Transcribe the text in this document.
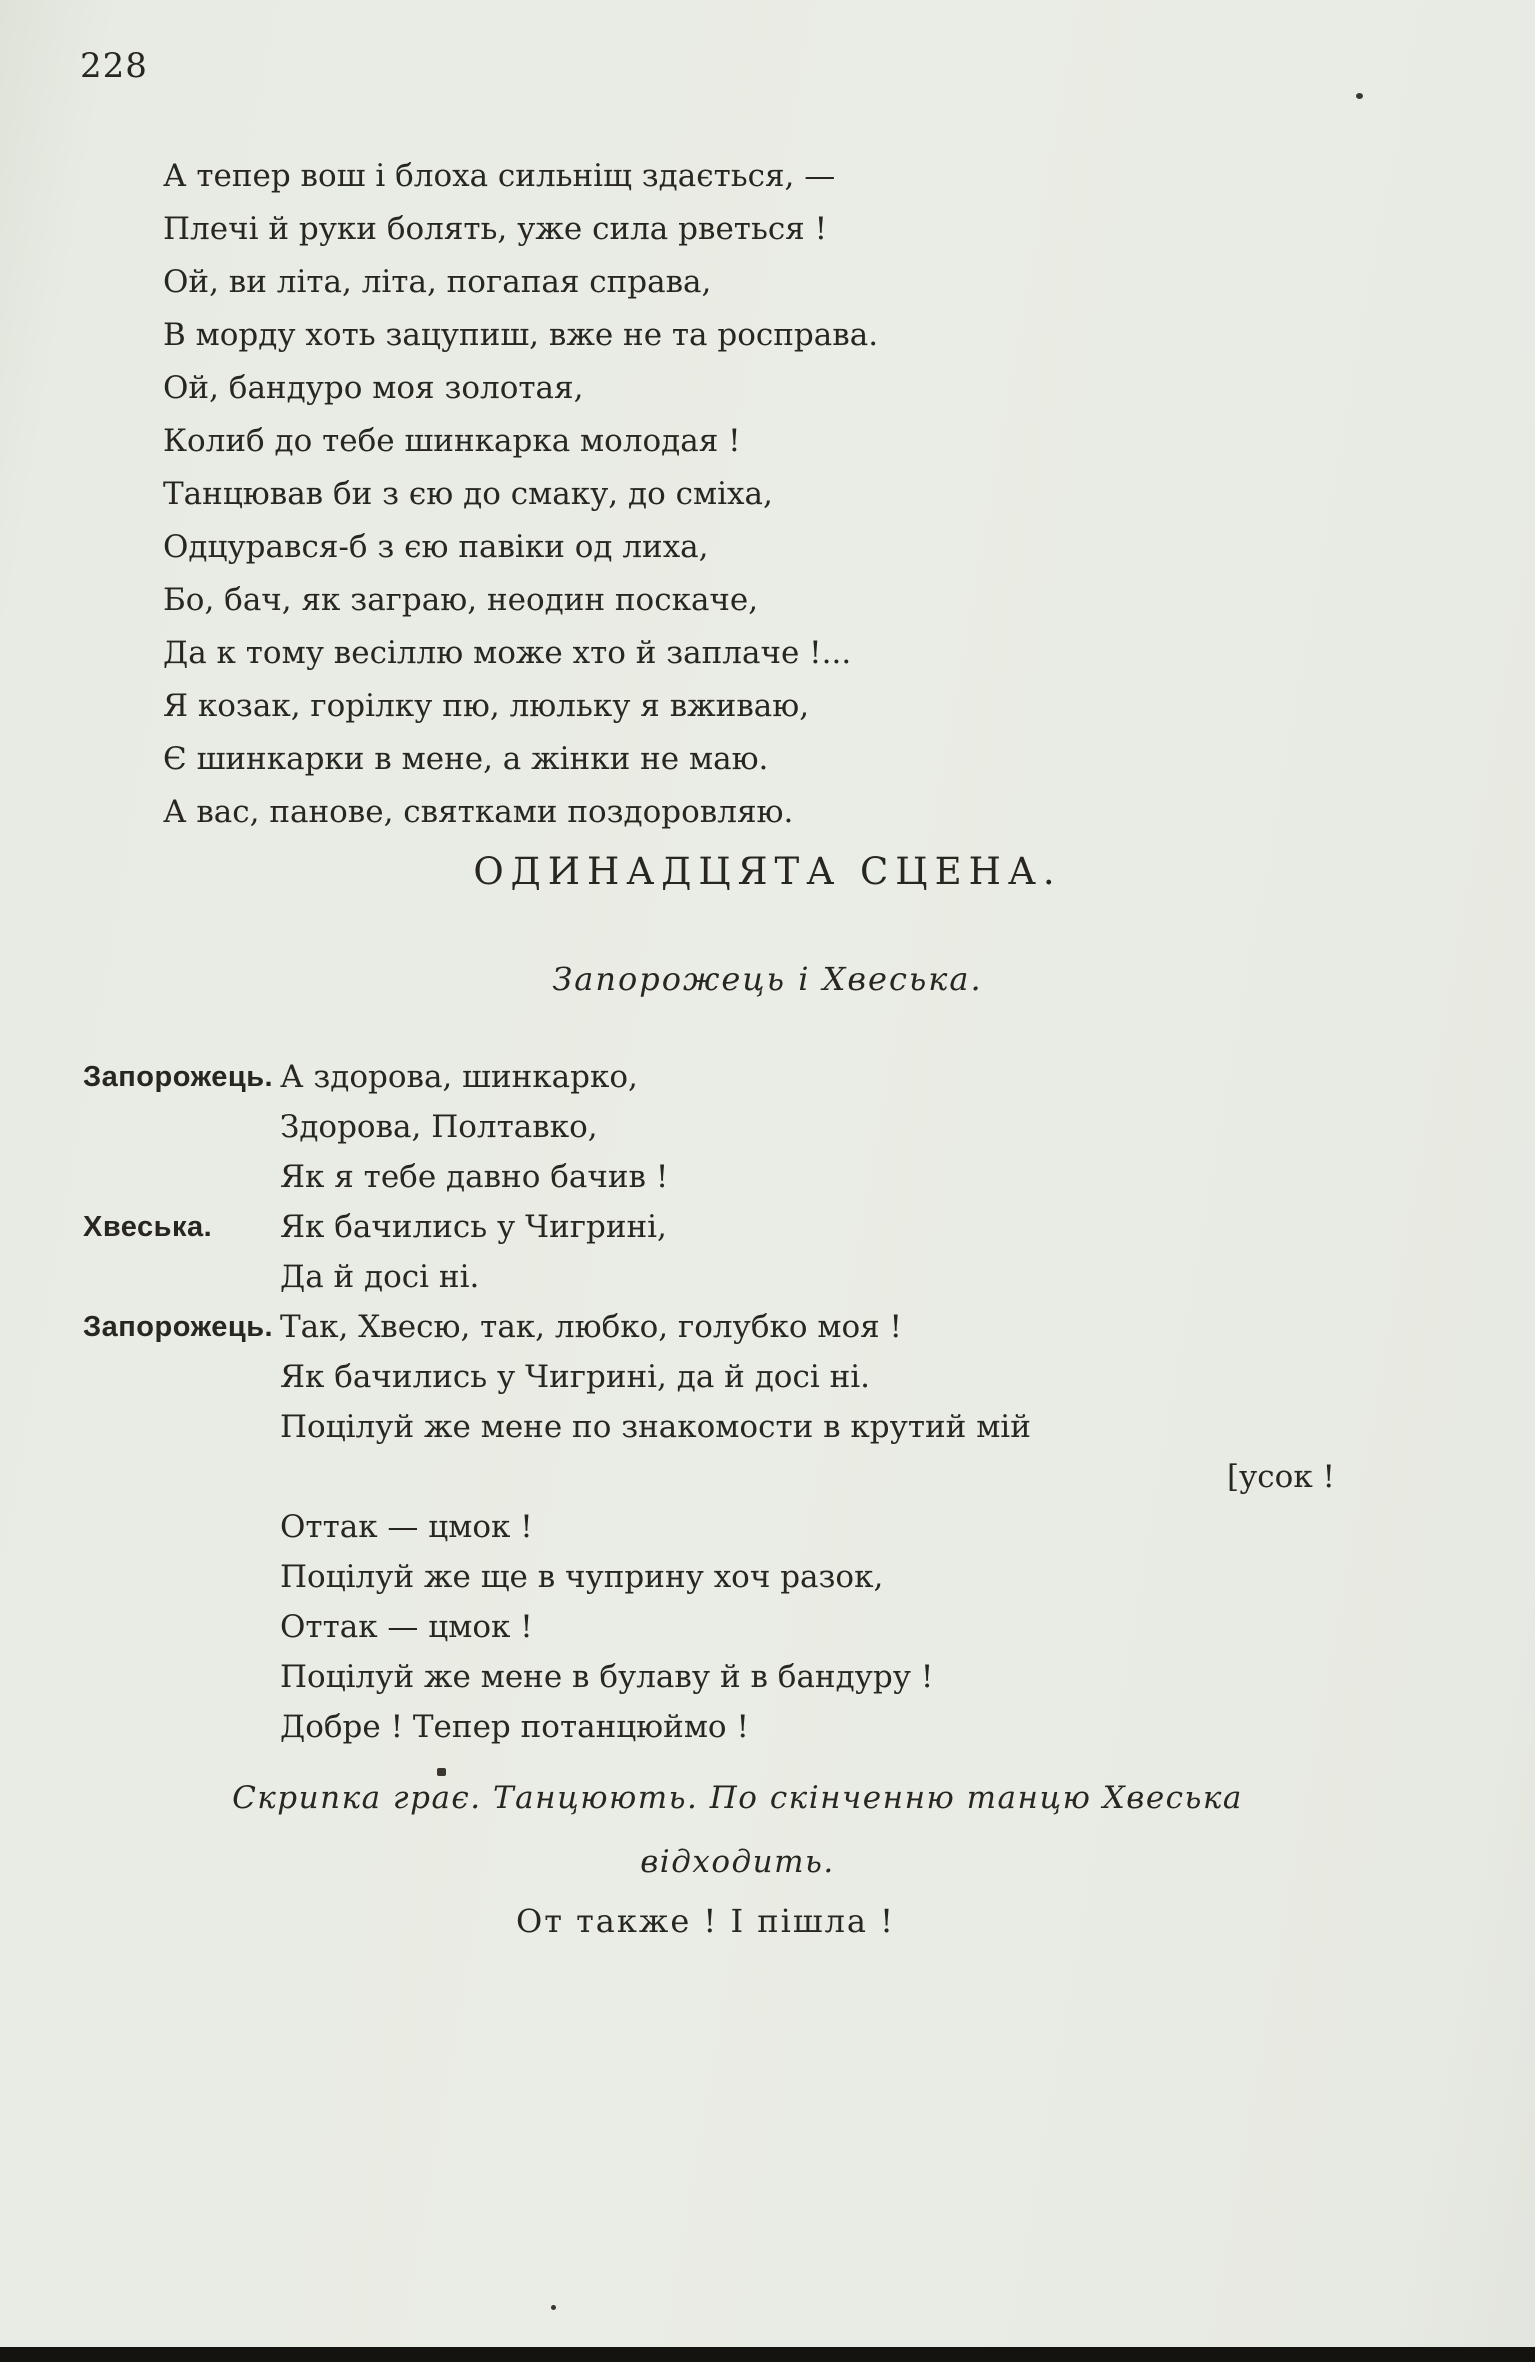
228
А тепер вош і блоха сильніщ здається, —
Плечі й руки болять, уже сила рветься !
Ой, ви літа, літа, погапая справа,
В морду хоть зацупиш, вже не та росправа.
Ой, бандуро моя золотая,
Колиб до тебе шинкарка молодая !
Танцював би з єю до смаку, до сміха,
Одцурався-б з єю павіки од лиха,
Бо, бач, як заграю, неодин поскаче,
Да к тому весіллю може хто й заплаче !...
Я козак, горілку пю, люльку я вживаю,
Є шинкарки в мене, а жінки не маю.
А вас, панове, святками поздоровляю.
ОДИНАДЦЯТА СЦЕНА.
Запорожець і Хвеська.
Запорожець. А здорова, шинкарко,
Здорова, Полтавко,
Як я тебе давно бачив !
Хвеська.	Як бачились у Чигрині,
Да й досі ні.
Запорожець. Так, Хвесю, так, любко, голубко моя !
Як бачились у Чигрині, да й досі ні.
Поцілуй же мене по знакомости в крутий мій
[усок !
Оттак — цмок !
Поцілуй же ще в чуприну хоч разок,
Оттак — цмок !
Поцілуй же мене в булаву й в бандуру !
Добре ! Тепер потанцюймо !
Скрипка грає. Танцюють. По скінченню танцю Хвеська
відходить.
От также ! І пішла !
